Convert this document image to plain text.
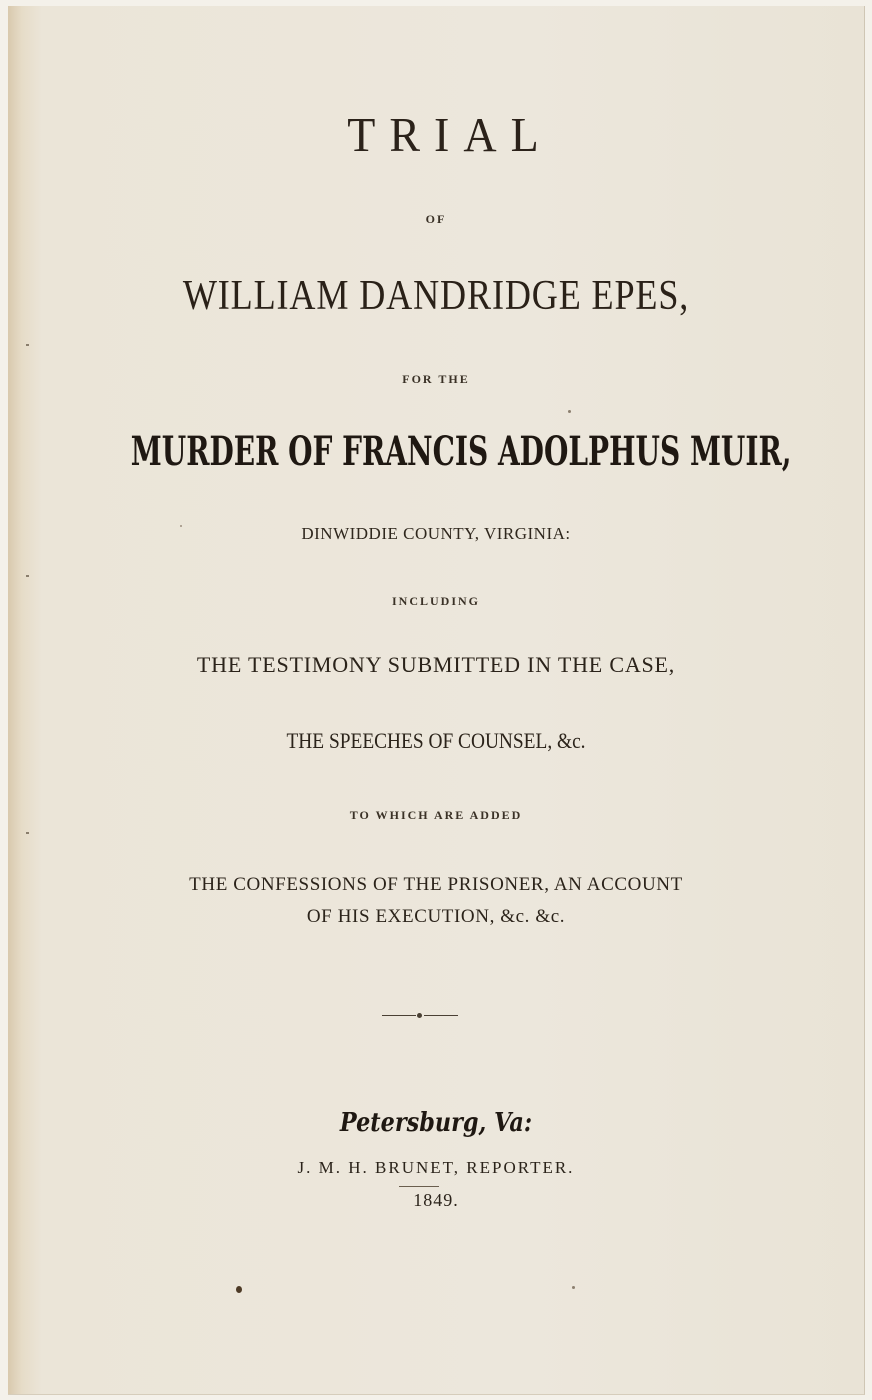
TRIAL
OF
WILLIAM DANDRIDGE EPES,
FOR THE
MURDER OF FRANCIS ADOLPHUS MUIR,
DINWIDDIE COUNTY, VIRGINIA:
INCLUDING
THE TESTIMONY SUBMITTED IN THE CASE,
THE SPEECHES OF COUNSEL, &c.
TO WHICH ARE ADDED
THE CONFESSIONS OF THE PRISONER, AN ACCOUNT
OF HIS EXECUTION, &c. &c.
Petersburg, Va:
J. M. H. BRUNET, REPORTER.
1849.
